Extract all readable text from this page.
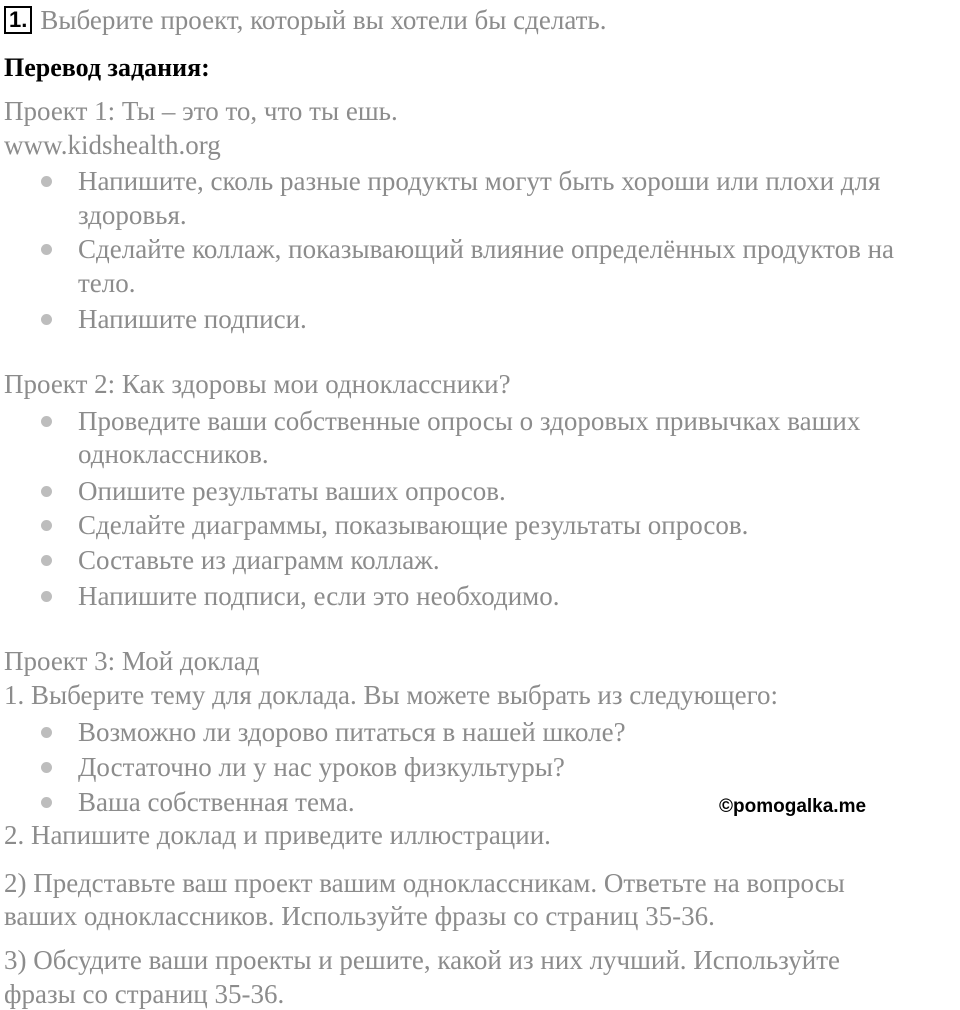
1. Выберите проект, который вы хотели бы сделать.
Перевод задания:
Проект 1: Ты – это то, что ты ешь.
www.kidshealth.org
Напишите, сколь разные продукты могут быть хороши или плохи для
здоровья.
Сделайте коллаж, показывающий влияние определённых продуктов на
тело.
Напишите подписи.
Проект 2: Как здоровы мои одноклассники?
Проведите ваши собственные опросы о здоровых привычках ваших
одноклассников.
Опишите результаты ваших опросов.
Сделайте диаграммы, показывающие результаты опросов.
Составьте из диаграмм коллаж.
Напишите подписи, если это необходимо.
Проект 3: Мой доклад
1. Выберите тему для доклада. Вы можете выбрать из следующего:
Возможно ли здорово питаться в нашей школе?
Достаточно ли у нас уроков физкультуры?
Ваша собственная тема.
2. Напишите доклад и приведите иллюстрации.
©pomogalka.me
2) Представьте ваш проект вашим одноклассникам. Ответьте на вопросы
ваших одноклассников. Используйте фразы со страниц 35-36.
3) Обсудите ваши проекты и решите, какой из них лучший. Используйте
фразы со страниц 35-36.
